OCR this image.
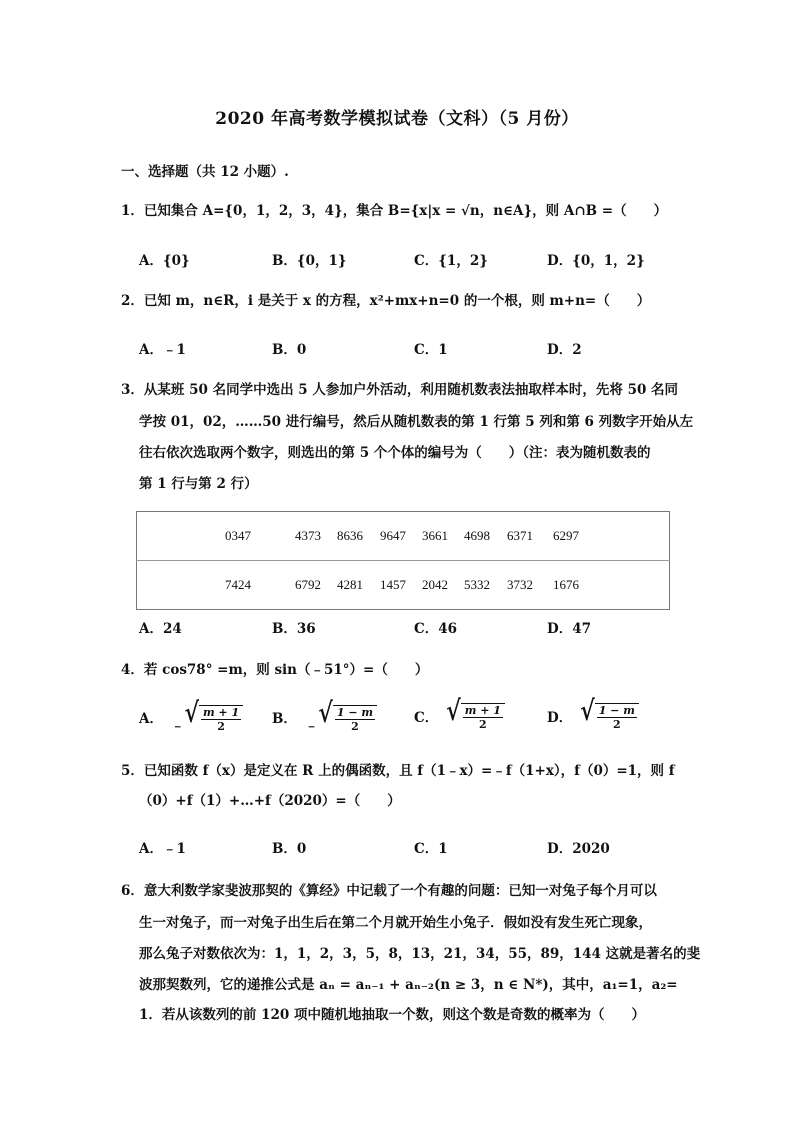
2020 年高考数学模拟试卷（文科）（5 月份）
一、选择题（共 12 小题）.
1．已知集合 A={0，1，2，3，4}，集合 B={x|x = √n，n∈A}，则 A∩B =（　　）
A．{0}	B．{0，1}	C．{1，2}	D．{0，1，2}
2．已知 m，n∈R，i 是关于 x 的方程，x²+mx+n=0 的一个根，则 m+n=（　　）
A．﹣1	B．0	C．1	D．2
3．从某班 50 名同学中选出 5 人参加户外活动，利用随机数表法抽取样本时，先将 50 名同
学按 01，02，……50 进行编号，然后从随机数表的第 1 行第 5 列和第 6 列数字开始从左
往右依次选取两个数字，则选出的第 5 个个体的编号为（　　）（注：表为随机数表的
第 1 行与第 2 行）
0347	4373 8636 9647 3661 4698 6371 6297

7424	6792 4281 1457 2042 5332 3732 1676
A．24	B．36	C．46	D．47
4．若 cos78° =m，则 sin（﹣51°）=（　　）
A． ﹣ √ $\frac{m + 1}{2}$ B． ﹣ √ $\frac{1 - m}{2}$	C． √ $\frac{m + 1}{2}$	D． √ $\frac{1 - m}{2}$
5．已知函数 f（x）是定义在 R 上的偶函数，且 f（1﹣x）=﹣f（1+x），f（0）=1，则 f
（0）+f（1）+…+f（2020）=（　　）
A．﹣1	B．0	C．1	D．2020
6．意大利数学家斐波那契的《算经》中记载了一个有趣的问题：已知一对兔子每个月可以
生一对兔子，而一对兔子出生后在第二个月就开始生小兔子．假如没有发生死亡现象，
那么兔子对数依次为：1，1，2，3，5，8，13，21，34，55，89，144 这就是著名的斐
波那契数列，它的递推公式是 aₙ = aₙ₋₁ + aₙ₋₂(n ≥ 3，n ∈ N*)，其中，a₁=1，a₂=
1．若从该数列的前 120 项中随机地抽取一个数，则这个数是奇数的概率为（　　）
